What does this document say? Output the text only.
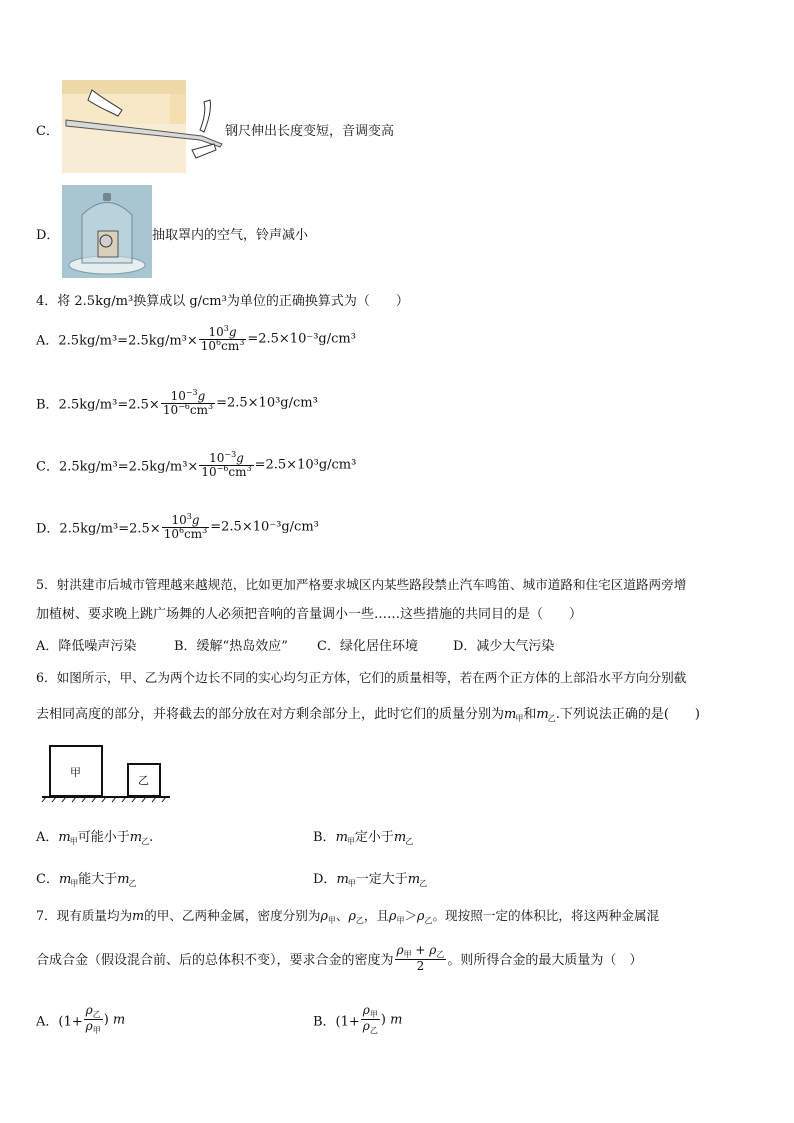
C．	钢尺伸出长度变短，音调变高
D．	抽取罩内的空气，铃声减小
4．将 2.5kg/m³换算成以 g/cm³为单位的正确换算式为（　　）
A．$2.5kg/m^3=2.5kg/m^3\times \frac{10^3g}{10^6cm^3} =2.5\times 10^{-3}g/cm^3$
B．$2.5kg/m^3=2.5\times \frac{10^{-3}g}{10^{-6}cm^3} =2.5\times 10^3g/cm^3$
C．$2.5kg/m^3=2.5kg/m^3\times \frac{10^{-3}g}{10^{-6}cm^3} =2.5\times 10^3g/cm^3$
D．$2.5kg/m^3=2.5\times \frac{10^3g}{10^6cm^3} =2.5\times 10^{-3}g/cm^3$
5．射洪建市后城市管理越来越规范，比如更加严格要求城区内某些路段禁止汽车鸣笛、城市道路和住宅区道路两旁增
加植树、要求晚上跳广场舞的人必须把音响的音量调小一些……这些措施的共同目的是（　　）
A．降低噪声污染	B．缓解“热岛效应” C．绿化居住环境	D．减少大气污染
6．如图所示，甲、乙为两个边长不同的实心均匀正方体，它们的质量相等，若在两个正方体的上部沿水平方向分别截
去相同高度的部分，并将截去的部分放在对方剩余部分上，此时它们的质量分别为$m_甲$和$m_乙$.下列说法正确的是(　　)
甲
乙
A．$m_甲$可能小于$m_乙$.	B．$m_甲$定小于$m_乙$
C．$m_甲$能大于$m_乙$	D．$m_甲$一定大于$m_乙$
7．现有质量均为m的甲、乙两种金属，密度分别为$\rho_甲$、$\rho_乙$，且$\rho_甲>\rho_乙$。现按照一定的体积比，将这两种金属混
合成合金（假设混合前、后的总体积不变），要求合金的密度为 $\frac{\rho_甲 + \rho_乙}{2}$ 。则所得合金的最大质量为（　）
A．($1+ \frac{\rho_乙}{\rho_甲}$ ) m	B．($1+ \frac{\rho_甲}{\rho_乙}$ ) m
